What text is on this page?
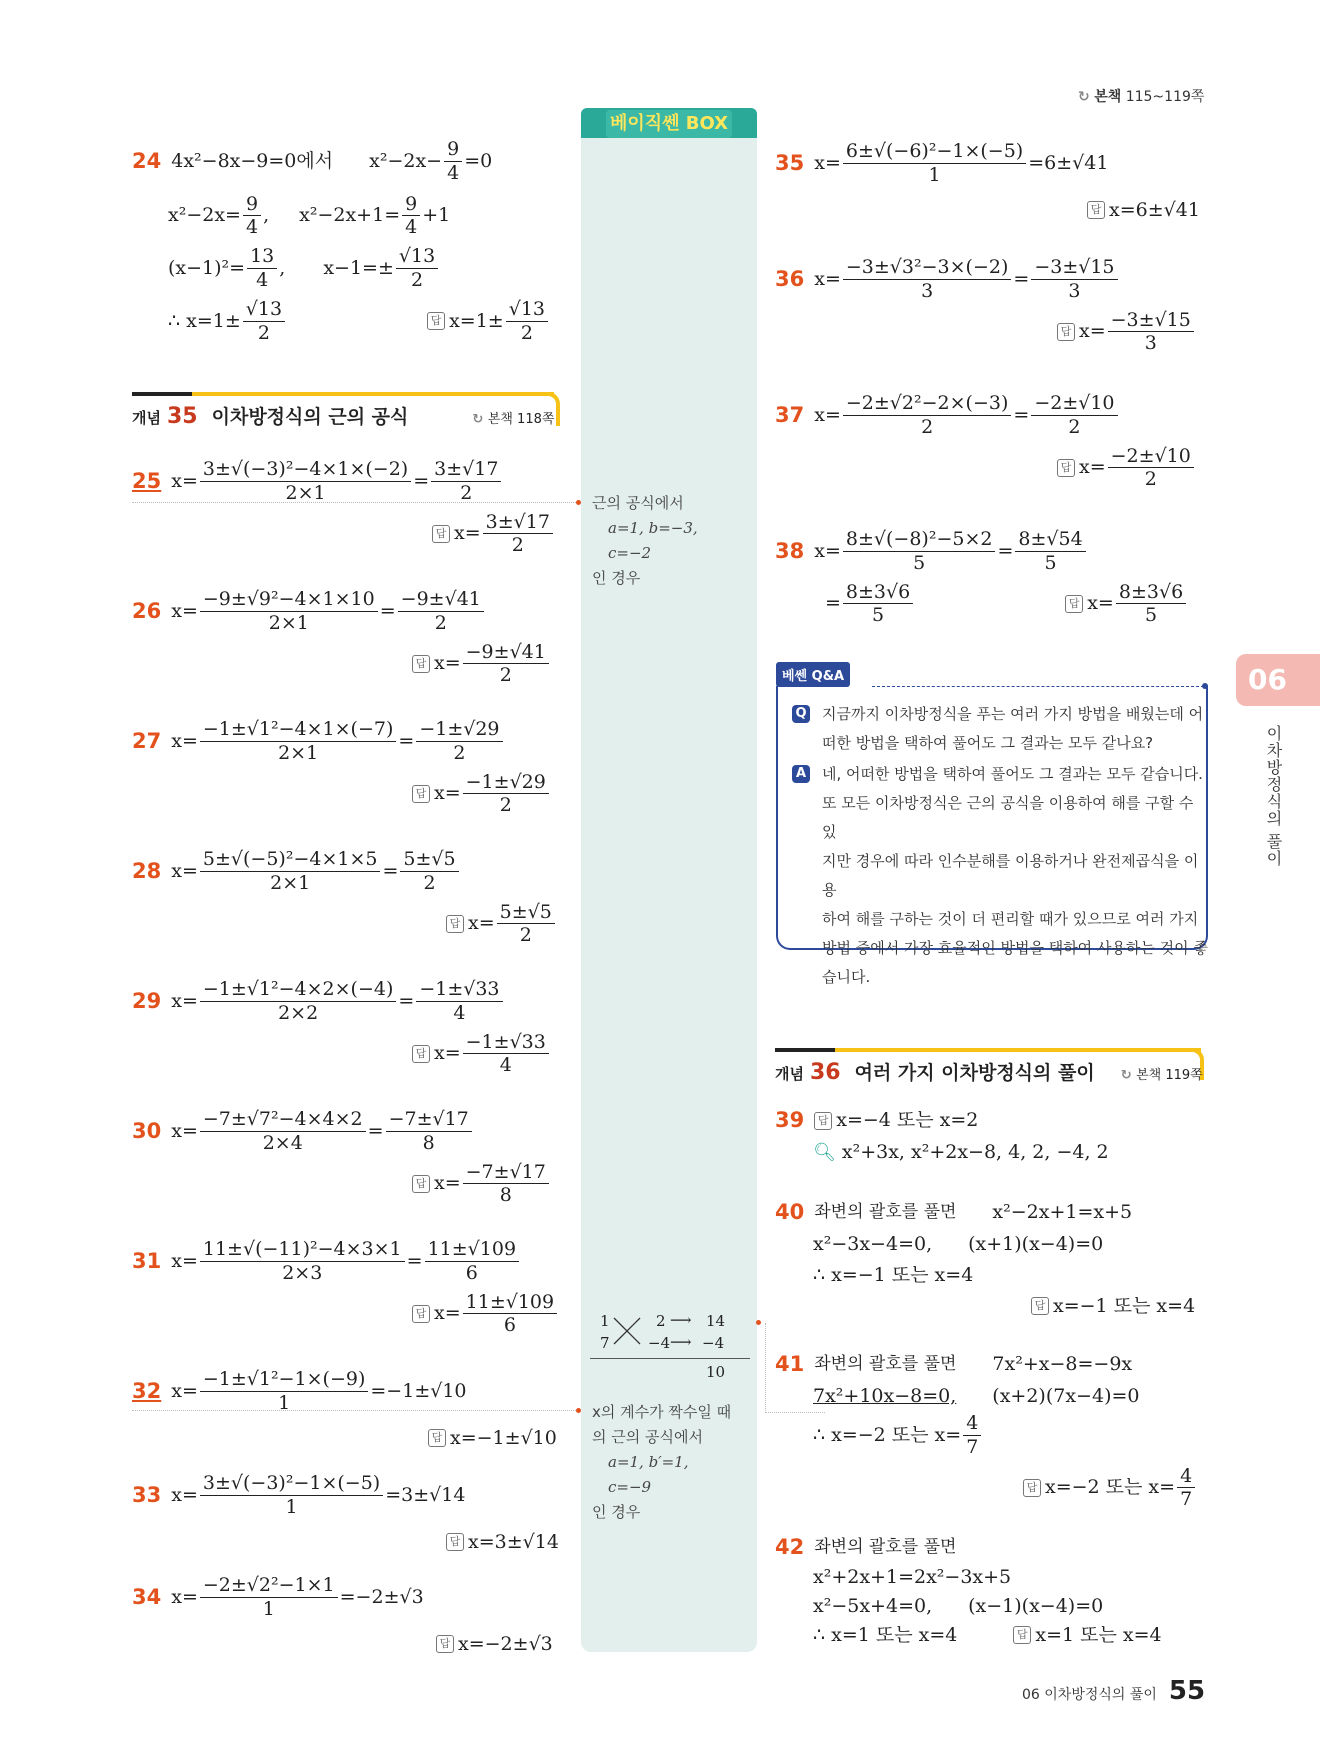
↻ 본책 115~119쪽
베이직쎈 BOX
근의 공식에서
a=1, b=−3,
c=−2
인 경우
1
7
2
−4
⟶
⟶
14
−4
10
x의 계수가 짝수일 때
의 근의 공식에서
a=1, b′=1,
c=−9
인 경우
24 4x²−8x−9=0에서 $x^2-2x- \frac{9}{4} =0$
$x^2-2x= \frac{9}{4}$ , $x^2-2x+1= \frac{9}{4} +1$
$(x-1)^2= \frac{13}{4}$ , $x-1=\pm \frac{√13}{2}$
∴ $x=1\pm \frac{√13}{2}$	답 $x=1\pm \frac{√13}{2}$
개념 35 이차방정식의 근의 공식	↻ 본책 118쪽
25 $x= \frac{\text{3±√(−3)²−4×1×(−2)}}{2\times 1} = \frac{3\pm√17}{2}$
답 $x= \frac{3\pm√17}{2}$
26 $x= \frac{\text{−9±√9²−4×1×10}}{2\times 1} = \frac{-9\pm√41}{2}$
답 $x= \frac{-9\pm√41}{2}$
27 $x= \frac{\text{−1±√1²−4×1×(−7)}}{2\times 1} = \frac{-1\pm√29}{2}$
답 $x= \frac{-1\pm√29}{2}$
28 $x= \frac{\text{5±√(−5)²−4×1×5}}{2\times 1} = \frac{5\pm√5}{2}$
답 $x= \frac{5\pm√5}{2}$
29 $x= \frac{\text{−1±√1²−4×2×(−4)}}{2\times 2} = \frac{-1\pm√33}{4}$
답 $x= \frac{-1\pm√33}{4}$
30 $x= \frac{\text{−7±√7²−4×4×2}}{2\times 4} = \frac{-7\pm√17}{8}$
답 $x= \frac{-7\pm√17}{8}$
31 $x= \frac{\text{11±√(−11)²−4×3×1}}{2\times 3} = \frac{11\pm√109}{6}$
답 $x= \frac{11\pm√109}{6}$
32 $x= \frac{\text{−1±√1²−1×(−9)}}{1} =-1\pm√10$
답 x=−1±√10
33 $x= \frac{\text{3±√(−3)²−1×(−5)}}{1} =3\pm√14$
답 x=3±√14
34 $x= \frac{\text{−2±√2²−1×1}}{1} =-2\pm√3$
답 x=−2±√3
35 $x= \frac{\text{6±√(−6)²−1×(−5)}}{1} =6\pm√41$
답 x=6±√41
36 $x= \frac{\text{−3±√3²−3×(−2)}}{3} = \frac{-3\pm√15}{3}$
답 $x= \frac{-3\pm√15}{3}$
37 $x= \frac{\text{−2±√2²−2×(−3)}}{2} = \frac{-2\pm√10}{2}$
답 $x= \frac{-2\pm√10}{2}$
38 $x= \frac{\text{8±√(−8)²−5×2}}{5} = \frac{8\pm√54}{5}$
= $\frac{8\pm 3√6}{5}$	답 $x= \frac{8\pm 3√6}{5}$
베쎈 Q&A
Q 지금까지 이차방정식을 푸는 여러 가지 방법을 배웠는데 어
떠한 방법을 택하여 풀어도 그 결과는 모두 같나요?
A 네, 어떠한 방법을 택하여 풀어도 그 결과는 모두 같습니다.
또 모든 이차방정식은 근의 공식을 이용하여 해를 구할 수 있
지만 경우에 따라 인수분해를 이용하거나 완전제곱식을 이용
하여 해를 구하는 것이 더 편리할 때가 있으므로 여러 가지
방법 중에서 가장 효율적인 방법을 택하여 사용하는 것이 좋
습니다.
06
이차방정식의 풀이
개념 36 여러 가지 이차방정식의 풀이 ↻ 본책 119쪽
39	답 x=−4 또는 x=2
🔍︎ x²+3x, x²+2x−8, 4, 2, −4, 2
40 좌변의 괄호를 풀면 x²−2x+1=x+5
x²−3x−4=0, (x+1)(x−4)=0
∴ x=−1 또는 x=4
답 x=−1 또는 x=4
41 좌변의 괄호를 풀면 7x²+x−8=−9x
7x²+10x−8=0, (x+2)(7x−4)=0
∴ x=−2 또는 $x= \frac{4}{7}$
답 x=−2 또는 $x= \frac{4}{7}$
42 좌변의 괄호를 풀면
x²+2x+1=2x²−3x+5
x²−5x+4=0, (x−1)(x−4)=0
∴ x=1 또는 x=4	답 x=1 또는 x=4
06 이차방정식의 풀이 55
